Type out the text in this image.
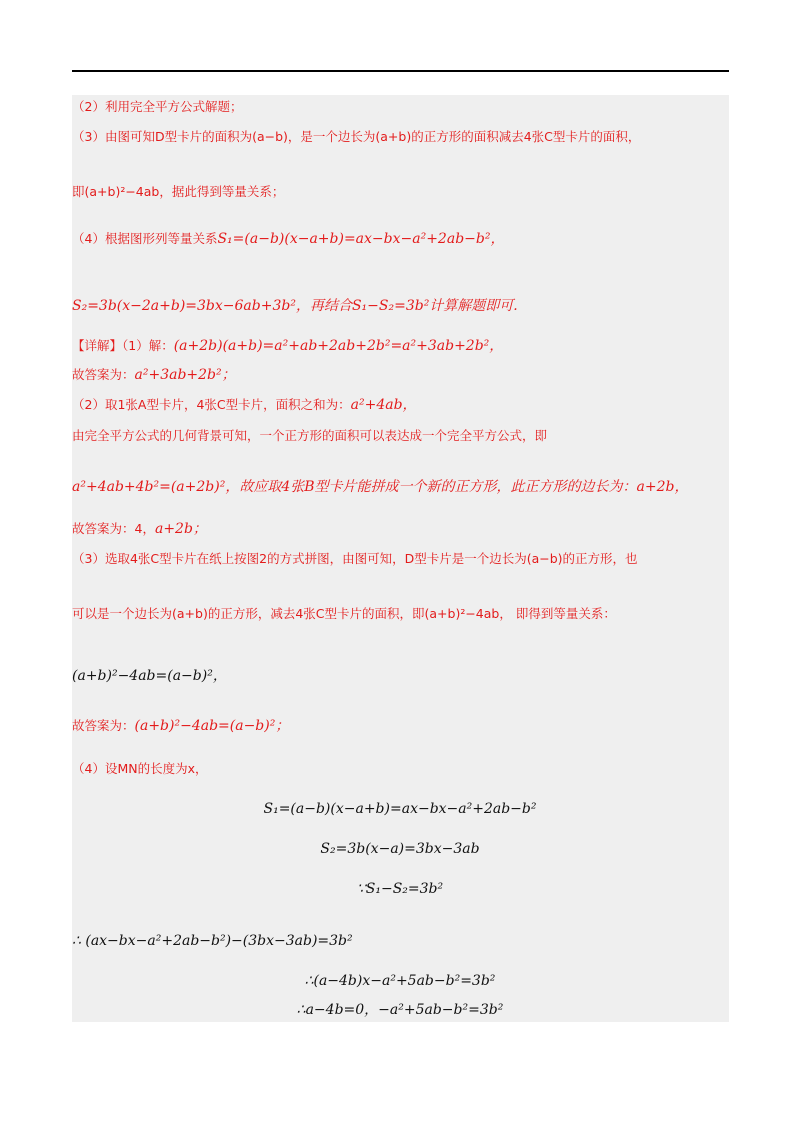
（2）利用完全平方公式解题；
（3）由图可知D型卡片的面积为(a−b)，是一个边长为(a+b)的正方形的面积减去4张C型卡片的面积，
即(a+b)²−4ab，据此得到等量关系；
（4）根据图形列等量关系S₁=(a−b)(x−a+b)=ax−bx−a²+2ab−b²，
S₂=3b(x−2a+b)=3bx−6ab+3b²，再结合S₁−S₂=3b²计算解题即可.
【详解】（1）解：(a+2b)(a+b)=a²+ab+2ab+2b²=a²+3ab+2b²，
故答案为：a²+3ab+2b²；
（2）取1张A型卡片，4张C型卡片，面积之和为：a²+4ab，
由完全平方公式的几何背景可知，一个正方形的面积可以表达成一个完全平方公式，即
a²+4ab+4b²=(a+2b)²，故应取4张B型卡片能拼成一个新的正方形，此正方形的边长为：a+2b，
故答案为：4，a+2b；
（3）选取4张C型卡片在纸上按图2的方式拼图，由图可知，D型卡片是一个边长为(a−b)的正方形，也
可以是一个边长为(a+b)的正方形，减去4张C型卡片的面积，即(a+b)²−4ab， 即得到等量关系：
(a+b)²−4ab=(a−b)²，
故答案为：(a+b)²−4ab=(a−b)²；
（4）设MN的长度为x，
S₁=(a−b)(x−a+b)=ax−bx−a²+2ab−b²
S₂=3b(x−a)=3bx−3ab
∵S₁−S₂=3b²
∴ (ax−bx−a²+2ab−b²)−(3bx−3ab)=3b²
∴(a−4b)x−a²+5ab−b²=3b²
∴a−4b=0，−a²+5ab−b²=3b²
